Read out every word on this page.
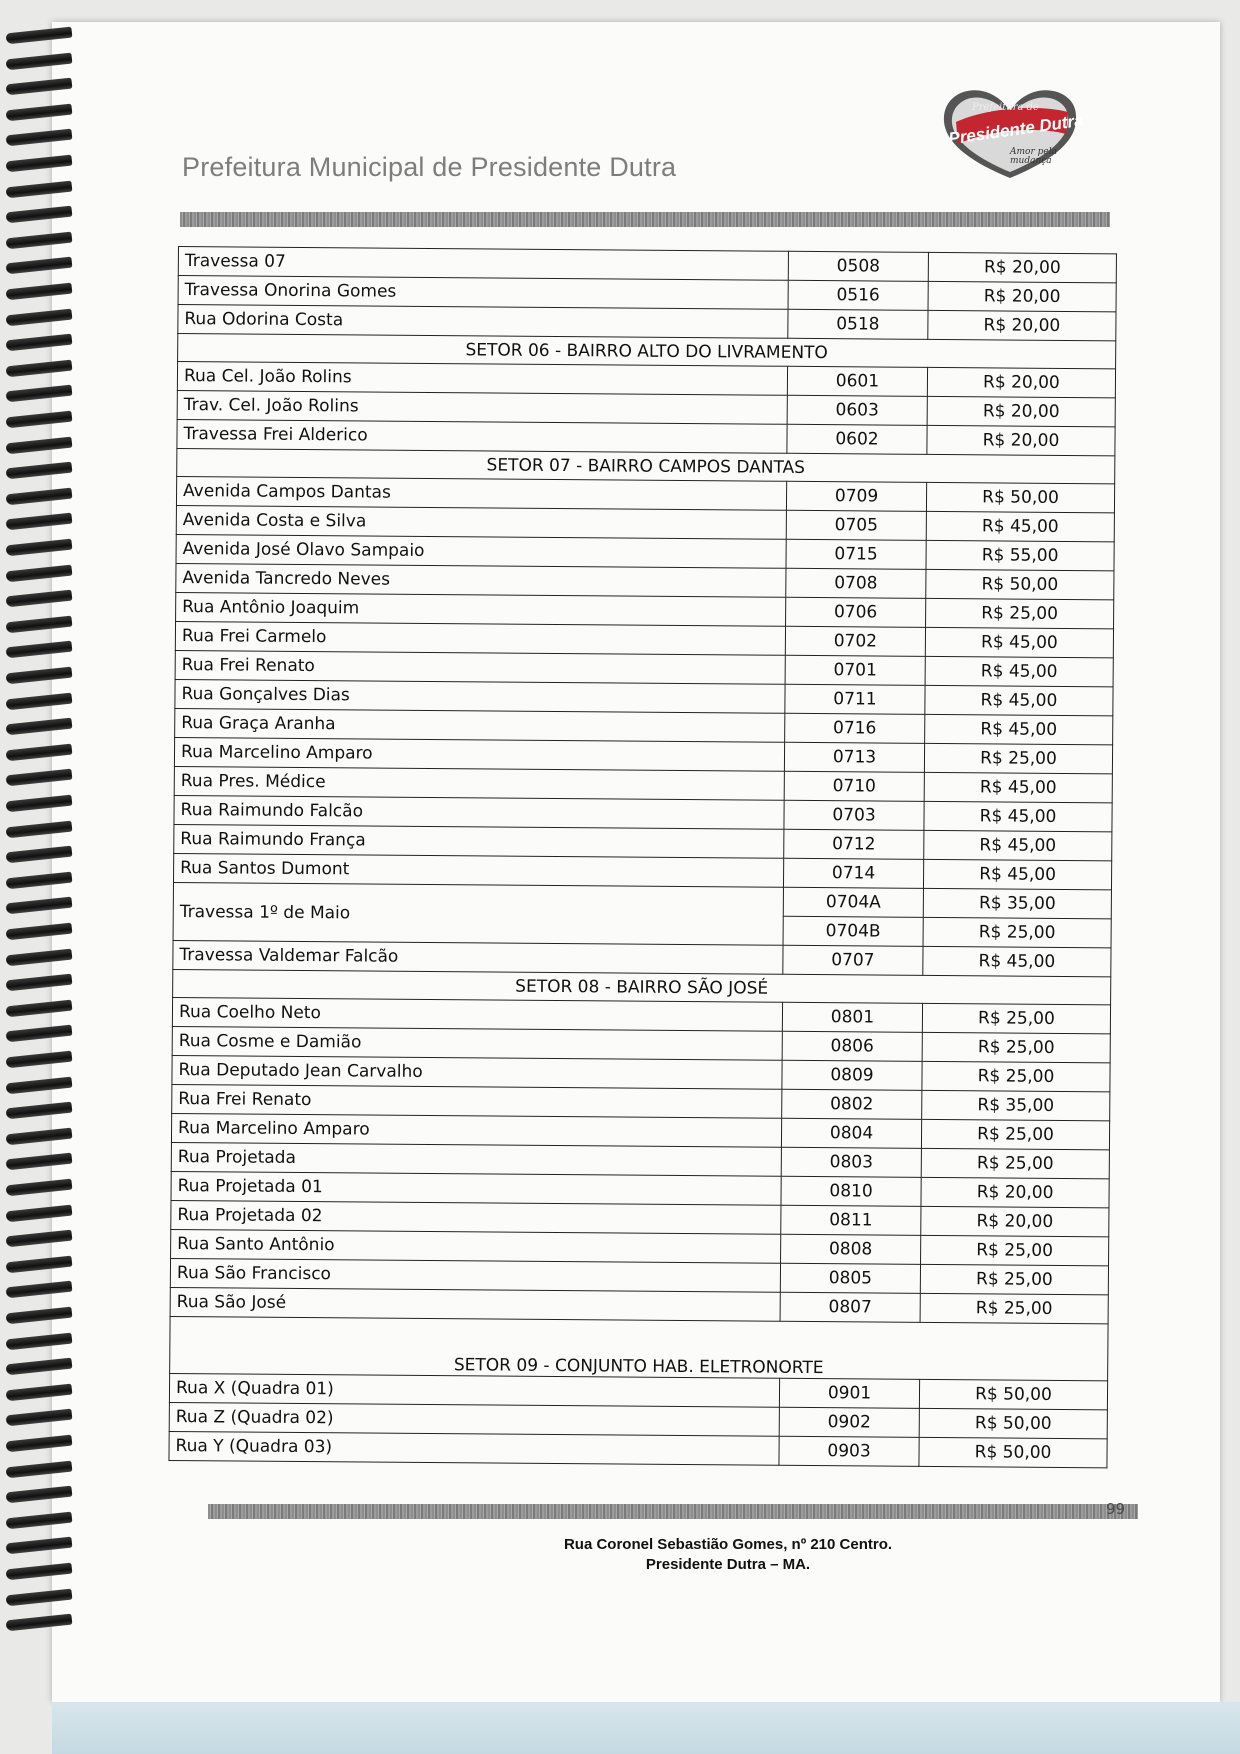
Prefeitura Municipal de Presidente Dutra
Prefeitura de
Presidente Dutra
Amor pela mudança
Travessa 07	0508	R$ 20,00
Travessa Onorina Gomes	0516	R$ 20,00
Rua Odorina Costa	0518	R$ 20,00
SETOR 06 - BAIRRO ALTO DO LIVRAMENTO		
Rua Cel. João Rolins	0601	R$ 20,00
Trav. Cel. João Rolins	0603	R$ 20,00
Travessa Frei Alderico	0602	R$ 20,00
SETOR 07 - BAIRRO CAMPOS DANTAS		
Avenida Campos Dantas	0709	R$ 50,00
Avenida Costa e Silva	0705	R$ 45,00
Avenida José Olavo Sampaio	0715	R$ 55,00
Avenida Tancredo Neves	0708	R$ 50,00
Rua Antônio Joaquim	0706	R$ 25,00
Rua Frei Carmelo	0702	R$ 45,00
Rua Frei Renato	0701	R$ 45,00
Rua Gonçalves Dias	0711	R$ 45,00
Rua Graça Aranha	0716	R$ 45,00
Rua Marcelino Amparo	0713	R$ 25,00
Rua Pres. Médice	0710	R$ 45,00
Rua Raimundo Falcão	0703	R$ 45,00
Rua Raimundo França	0712	R$ 45,00
Rua Santos Dumont	0714	R$ 45,00
Travessa 1º de Maio	0704A	R$ 35,00
	0704B	R$ 25,00
Travessa Valdemar Falcão	0707	R$ 45,00
SETOR 08 - BAIRRO SÃO JOSÉ		
Rua Coelho Neto	0801	R$ 25,00
Rua Cosme e Damião	0806	R$ 25,00
Rua Deputado Jean Carvalho	0809	R$ 25,00
Rua Frei Renato	0802	R$ 35,00
Rua Marcelino Amparo	0804	R$ 25,00
Rua Projetada	0803	R$ 25,00
Rua Projetada 01	0810	R$ 20,00
Rua Projetada 02	0811	R$ 20,00
Rua Santo Antônio	0808	R$ 25,00
Rua São Francisco	0805	R$ 25,00
Rua São José	0807	R$ 25,00
SETOR 09 - CONJUNTO HAB. ELETRONORTE		
Rua X (Quadra 01)	0901	R$ 50,00
Rua Z (Quadra 02)	0902	R$ 50,00
Rua Y (Quadra 03)	0903	R$ 50,00
99
Rua Coronel Sebastião Gomes, nº 210 Centro.
Presidente Dutra – MA.
